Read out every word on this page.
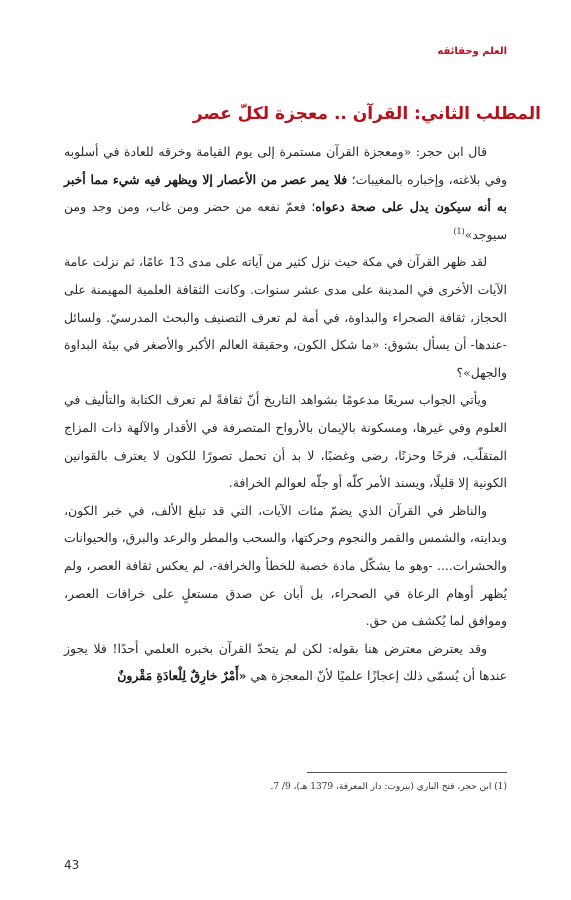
العلم وحقائقه
المطلب الثاني: القرآن .. معجزة لكلّ عصر

قال ابن حجر: «ومعجزة القرآن مستمرة إلى يوم القيامة وخرقه للعادة في أسلوبه وفي بلاغته، وإخباره بالمغيبات؛ فلا يمر عصر من الأعصار إلا ويظهر فيه شيء مما أخبر به أنه سيكون يدل على صحة دعواه؛ فعمّ نفعه من حضر ومن غاب، ومن وجد ومن سيوجد»$^{(1)}$

لقد ظهر القرآن في مكة حيث نزل كثير من آياته على مدى 13 عامًا، ثم نزلت عامة الآيات الأخرى في المدينة على مدى عشر سنوات. وكانت الثقافة العلمية المهيمنة على الحجاز، ثقافة الصحراء والبداوة، في أمة لم تعرف التصنيف والبحث المدرسيّ. ولسائل -عندها- أن يسأل بشوق: «ما شكل الكون، وحقيقة العالم الأكبر والأصغر في بيئة البداوة والجهل»؟

ويأتي الجواب سريعًا مدعومًا بشواهد التاريخ أنّ ثقافةً لم تعرف الكتابة والتأليف في العلوم وفي غيرها، ومسكونة بالإيمان بالأرواح المتصرفة في الأقدار والآلهة ذات المزاج المتقلّب، فرحًا وحزنًا، رضى وغضبًا، لا بد أن تحمل تصورًا للكون لا يعترف بالقوانين الكونية إلا قليلًا، ويسند الأمر كلّه أو جلّه لعوالم الخرافة.

والناظر في القرآن الذي يضمّ مئات الآيات، التي قد تبلغ الألف، في خبر الكون، وبدايته، والشمس والقمر والنجوم وحركتها، والسحب والمطر والرعد والبرق، والحيوانات والحشرات.... -وهو ما يشكّل مادة خصبة للخطأ والخرافة-، لم يعكس ثقافة العصر، ولم يُظهر أوهام الرعاة في الصحراء، بل أبان عن صدق مستعلٍ على خرافات العصر، وموافق لما يُكشف من حق.

وقد يعترض معترض هنا بقوله: لكن لم يتحدّ القرآن بخبره العلمي أحدًا! فلا يجوز عندها أن يُسمّى ذلك إعجازًا علميًا لأنّ المعجزة هي «أَمْرٌ خارِقٌ لِلْعادَةِ مَقْرونٌ

(1) ابن حجر، فتح الباري (بيروت: دار المعرفة، 1379 هـ)، 9/ 7.
43
